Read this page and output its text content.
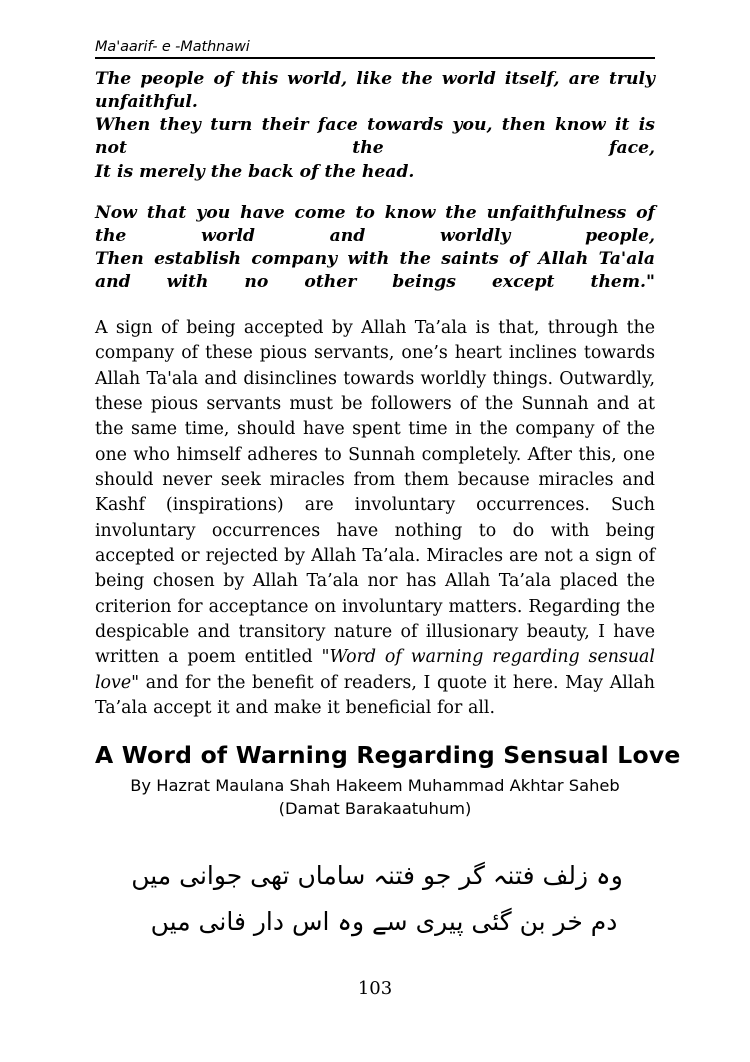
Ma'aarif- e -Mathnawi
The people of this world, like the world itself, are truly unfaithful.
When they turn their face towards you, then know it is not the face,
It is merely the back of the head.
Now that you have come to know the unfaithfulness of the world and worldly people,
Then establish company with the saints of Allah Ta'ala and with no other beings except them."

A sign of being accepted by Allah Ta’ala is that, through the company of these pious servants, one’s heart inclines towards Allah Ta'ala and disinclines towards worldly things. Outwardly, these pious servants must be followers of the Sunnah and at the same time, should have spent time in the company of the one who himself adheres to Sunnah completely. After this, one should never seek miracles from them because miracles and Kashf (inspirations) are involuntary occurrences. Such involuntary occurrences have nothing to do with being accepted or rejected by Allah Ta’ala. Miracles are not a sign of being chosen by Allah Ta’ala nor has Allah Ta’ala placed the criterion for acceptance on involuntary matters. Regarding the despicable and transitory nature of illusionary beauty, I have written a poem entitled "Word of warning regarding sensual love" and for the benefit of readers, I quote it here. May Allah Ta’ala accept it and make it beneficial for all.

A Word of Warning Regarding Sensual Love
By Hazrat Maulana Shah Hakeem Muhammad Akhtar Saheb
(Damat Barakaatuhum)
وہ زلف فتنہ گر جو فتنہ ساماں تھی جوانی میں
دم خر بن گئی پیری سے وہ اس دار فانی میں
103
